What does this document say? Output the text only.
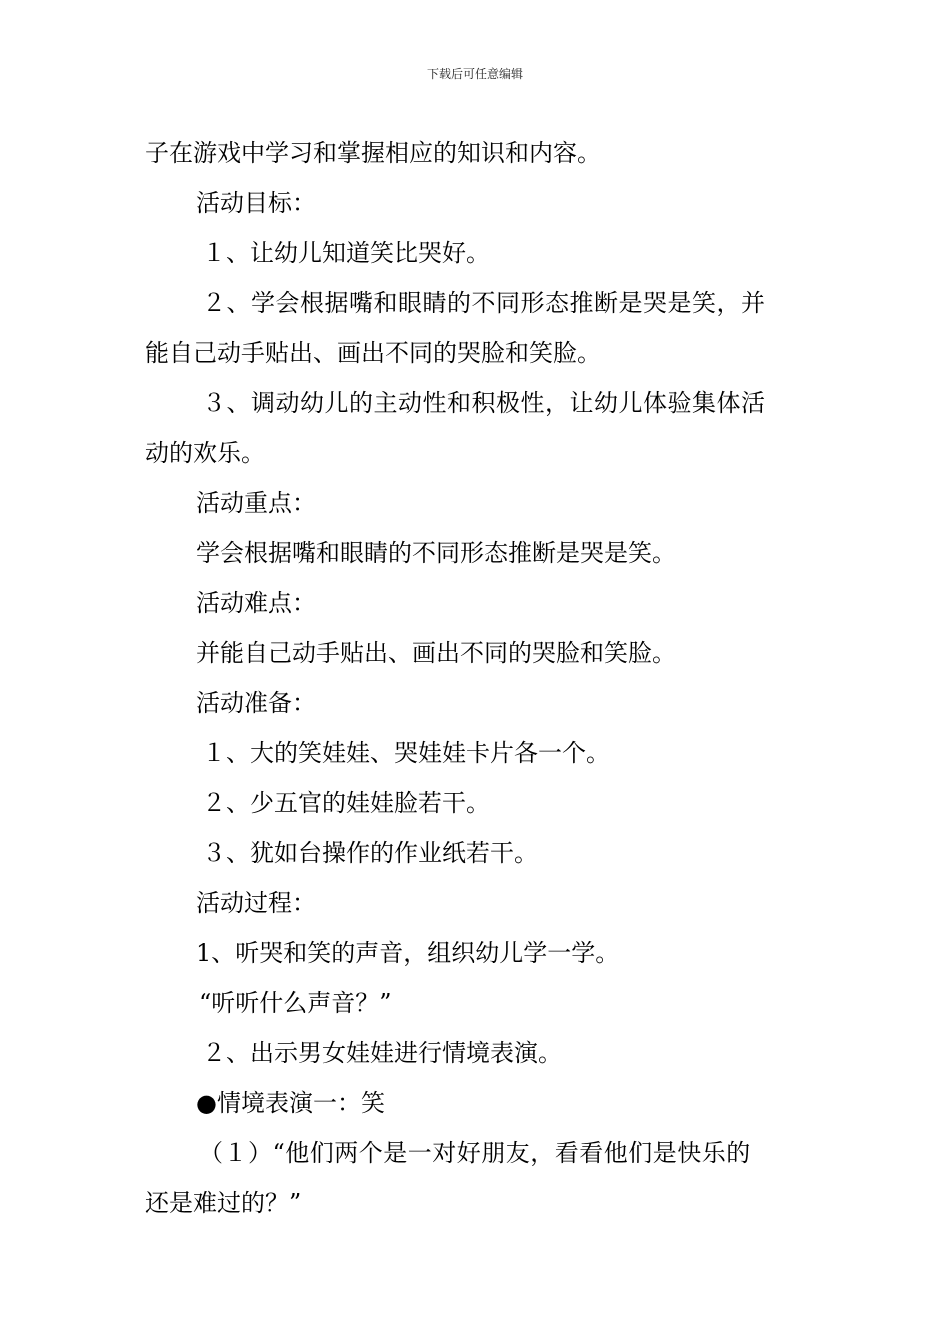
下载后可任意编辑
子在游戏中学习和掌握相应的知识和内容。
活动目标：
１、让幼儿知道笑比哭好。
２、学会根据嘴和眼睛的不同形态推断是哭是笑，并
能自己动手贴出、画出不同的哭脸和笑脸。
３、调动幼儿的主动性和积极性，让幼儿体验集体活
动的欢乐。
活动重点：
学会根据嘴和眼睛的不同形态推断是哭是笑。
活动难点：
并能自己动手贴出、画出不同的哭脸和笑脸。
活动准备：
１、大的笑娃娃、哭娃娃卡片各一个。
２、少五官的娃娃脸若干。
３、犹如台操作的作业纸若干。
活动过程：
1、听哭和笑的声音，组织幼儿学一学。
“听听什么声音？”
２、出示男女娃娃进行情境表演。
●情境表演一：笑
（１）“他们两个是一对好朋友，看看他们是快乐的
还是难过的？”
